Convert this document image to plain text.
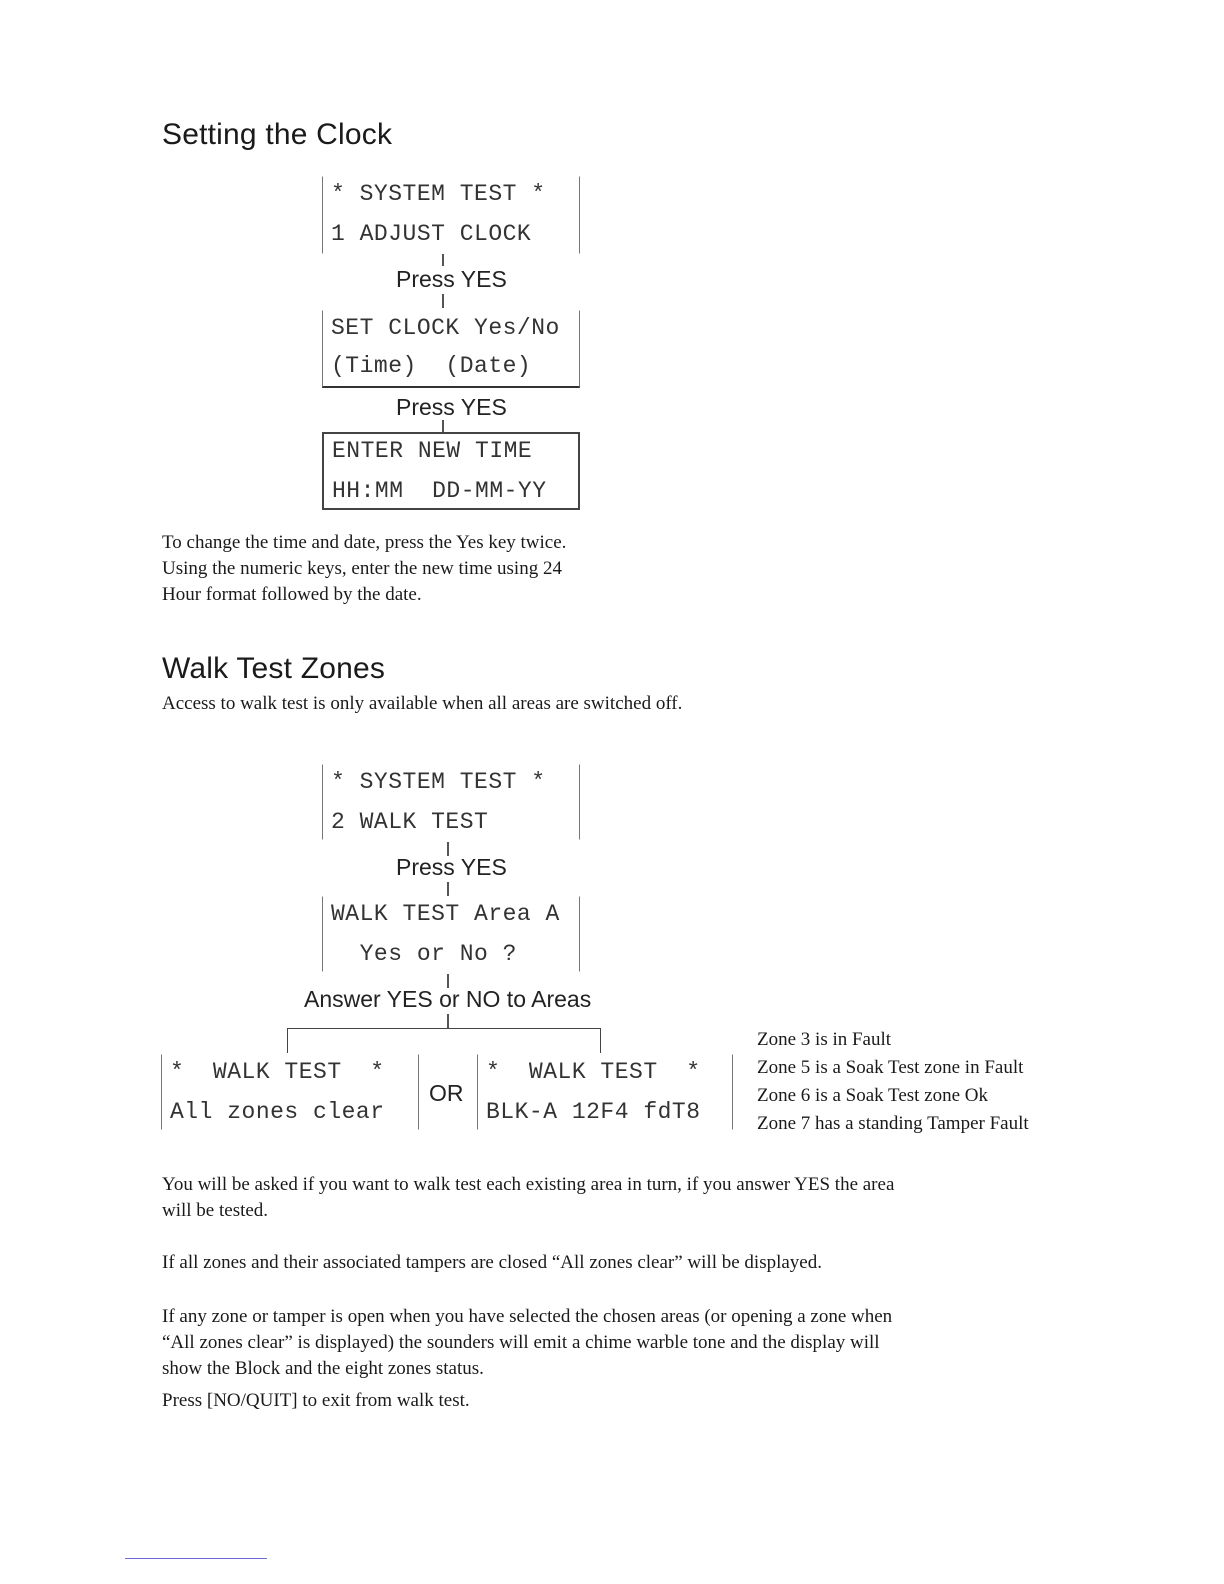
Setting the Clock
* SYSTEM TEST *
1 ADJUST CLOCK
Press YES
SET CLOCK Yes/No
(Time)  (Date)
Press YES
ENTER NEW TIME
HH:MM  DD-MM-YY
To change the time and date, press the Yes key twice.
Using the numeric keys, enter the new time using 24
Hour format followed by the date.
Walk Test Zones
Access to walk test is only available when all areas are switched off.
* SYSTEM TEST *
2 WALK TEST
Press YES
WALK TEST Area A
Yes or No ?
Answer YES or NO to Areas
*  WALK TEST  *
All zones clear
OR
*  WALK TEST  *
BLK-A 12F4 fdT8
Zone 3 is in Fault
Zone 5 is a Soak Test zone in Fault
Zone 6 is a Soak Test zone Ok
Zone 7 has a standing Tamper Fault
You will be asked if you want to walk test each existing area in turn, if you answer YES the area
will be tested.
If all zones and their associated tampers are closed “All zones clear” will be displayed.
If any zone or tamper is open when you have selected the chosen areas (or opening a zone when
“All zones clear” is displayed) the sounders will emit a chime warble tone and the display will
show the Block and the eight zones status.
Press [NO/QUIT] to exit from walk test.
